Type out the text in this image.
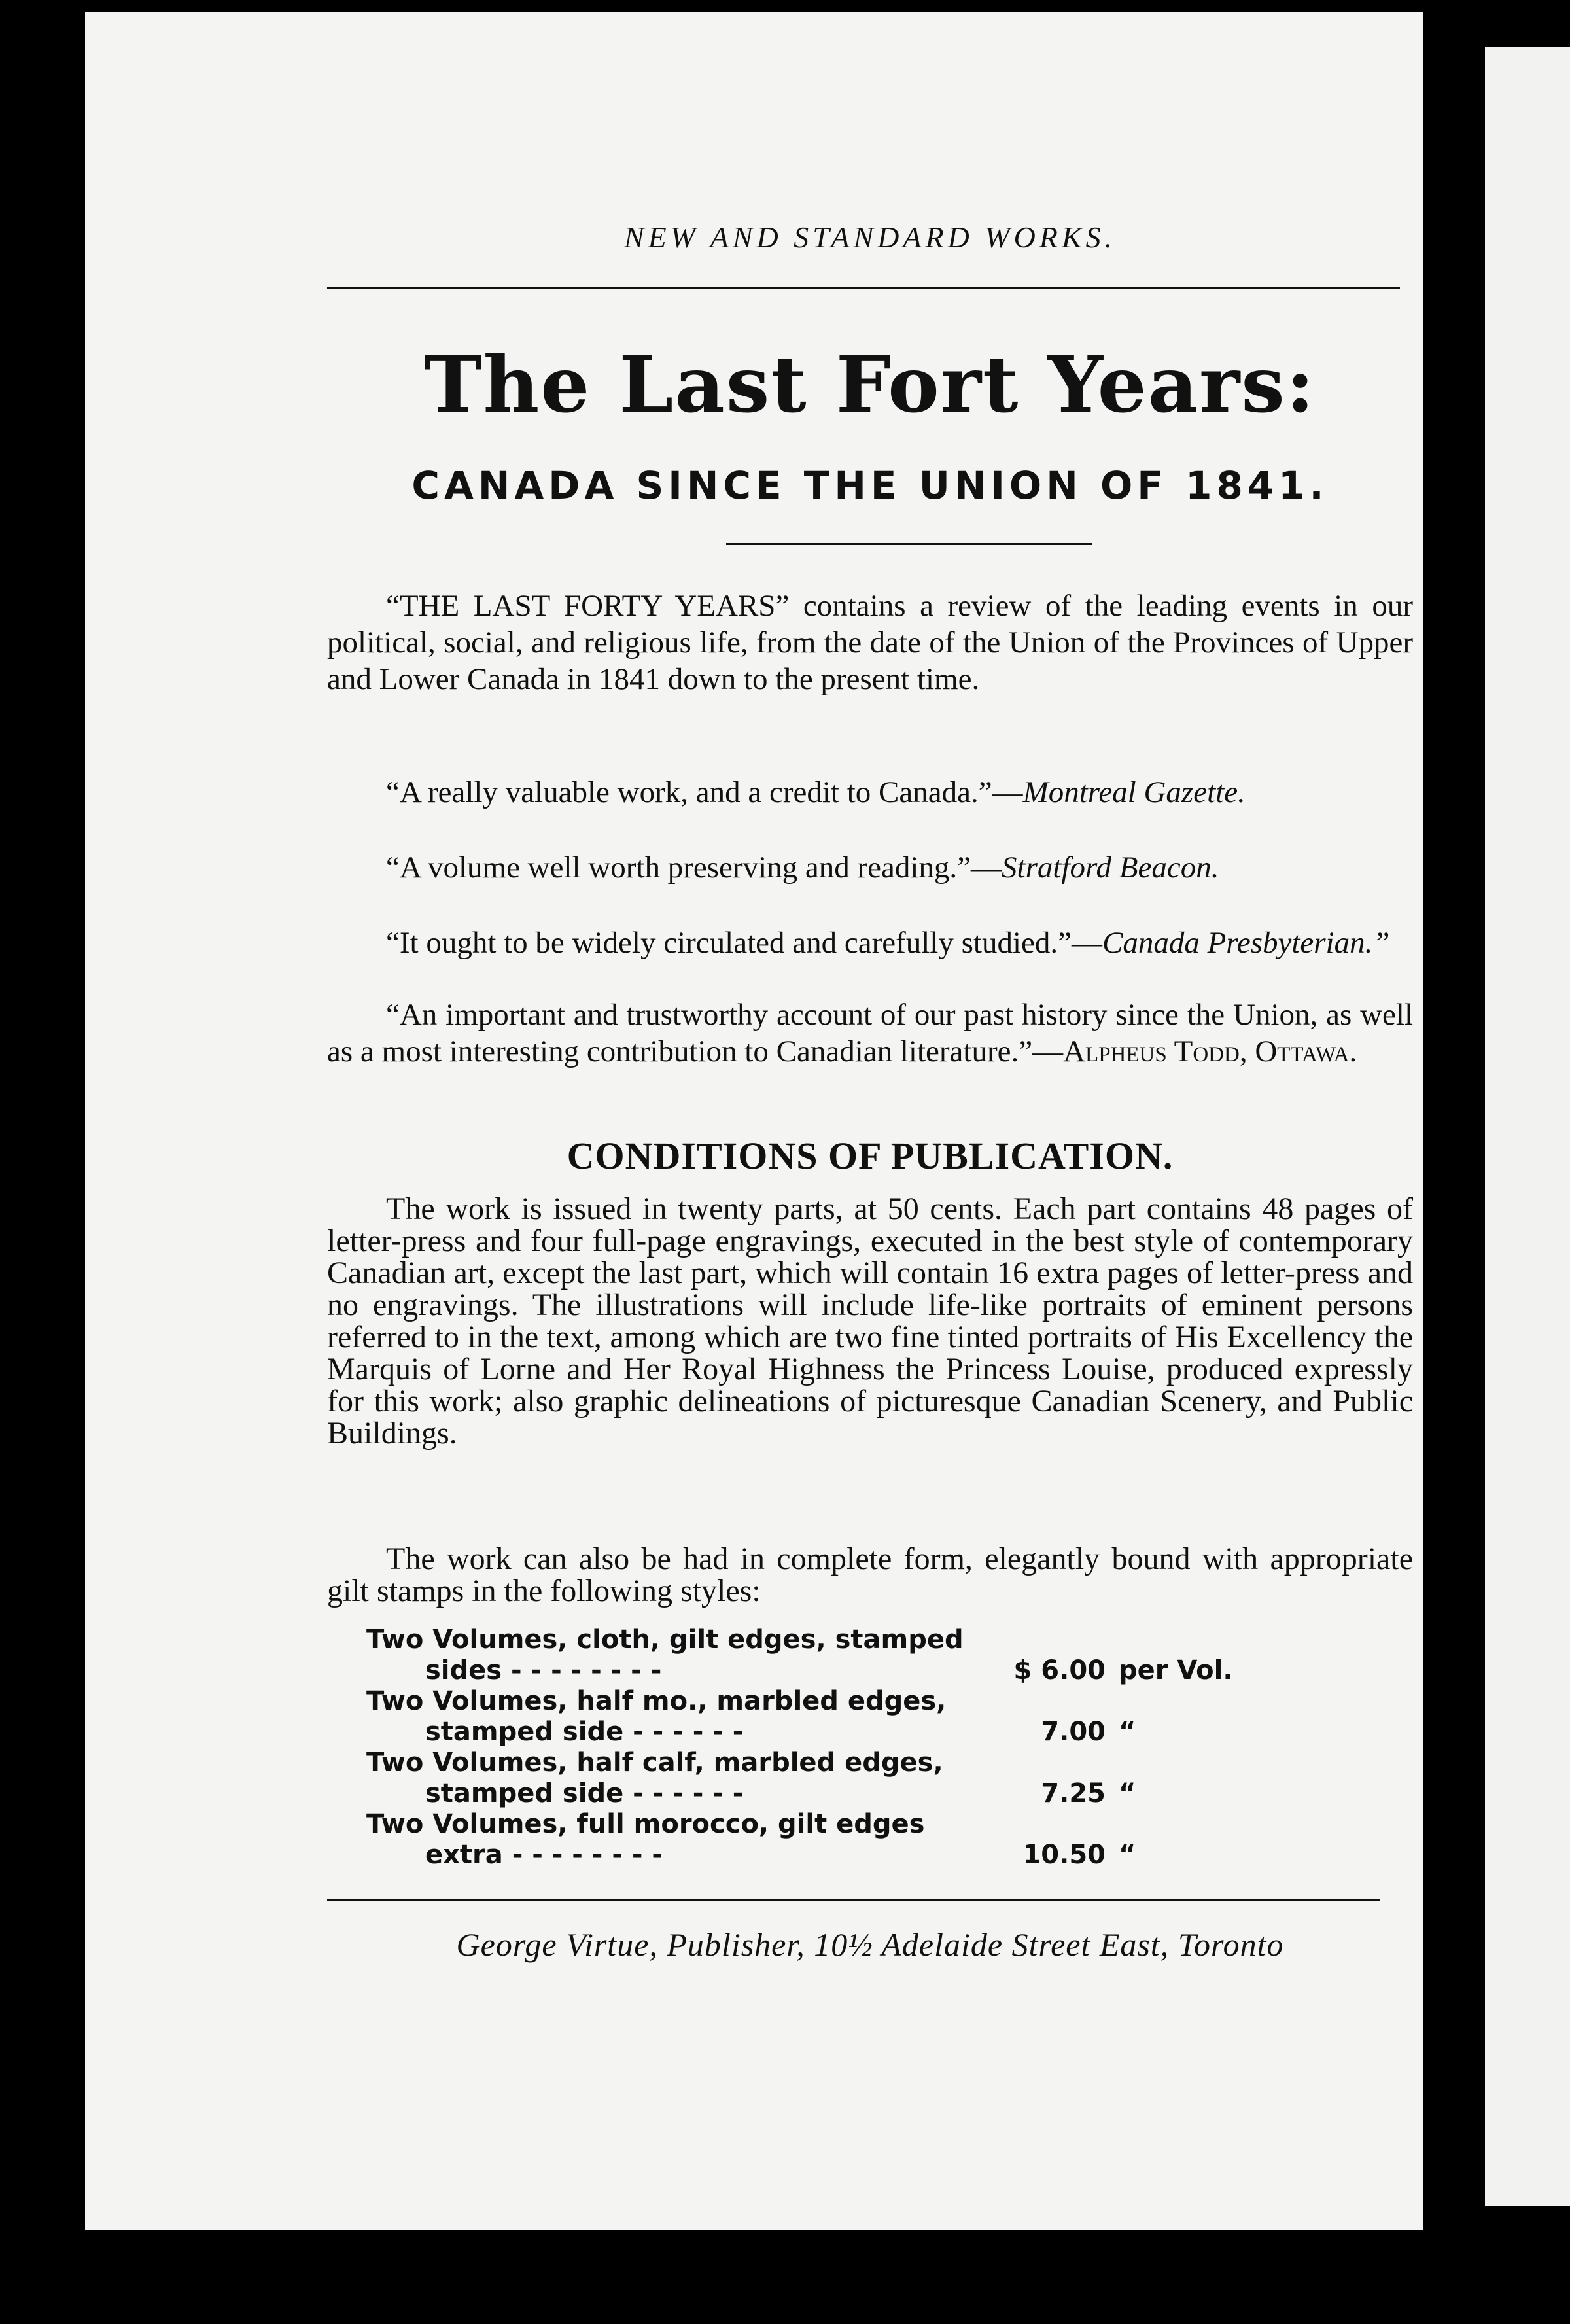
NEW AND STANDARD WORKS.
The Last Fort Years:
CANADA SINCE THE UNION OF 1841.
“THE LAST FORTY YEARS” contains a review of the leading events in our political, social, and religious life, from the date of the Union of the Provinces of Upper and Lower Canada in 1841 down to the present time.
“A really valuable work, and a credit to Canada.”—Montreal Gazette.
“A volume well worth preserving and reading.”—Stratford Beacon.
“It ought to be widely circulated and carefully studied.”—Canada Presbyterian.”
“An important and trustworthy account of our past history since the Union, as well as a most interesting contribution to Canadian literature.”—Alpheus Todd, Ottawa.
CONDITIONS OF PUBLICATION.
The work is issued in twenty parts, at 50 cents. Each part contains 48 pages of letter-press and four full-page engravings, executed in the best style of contemporary Canadian art, except the last part, which will contain 16 extra pages of letter-press and no engravings. The illustrations will include life-like portraits of eminent persons referred to in the text, among which are two fine tinted portraits of His Excellency the Marquis of Lorne and Her Royal Highness the Princess Louise, produced expressly for this work; also graphic delineations of picturesque Canadian Scenery, and Public Buildings.
The work can also be had in complete form, elegantly bound with appropriate gilt stamps in the following styles:
Two Volumes, cloth, gilt edges, stamped
sides - - - - - - - -	$ 6.00	per Vol.

Two Volumes, half mo., marbled edges,
stamped side - - - - - -	7.00	“

Two Volumes, half calf, marbled edges,
stamped side - - - - - -	7.25	“

Two Volumes, full morocco, gilt edges
extra - - - - - - - -	10.50	“
George Virtue, Publisher, 10½ Adelaide Street East, Toronto
